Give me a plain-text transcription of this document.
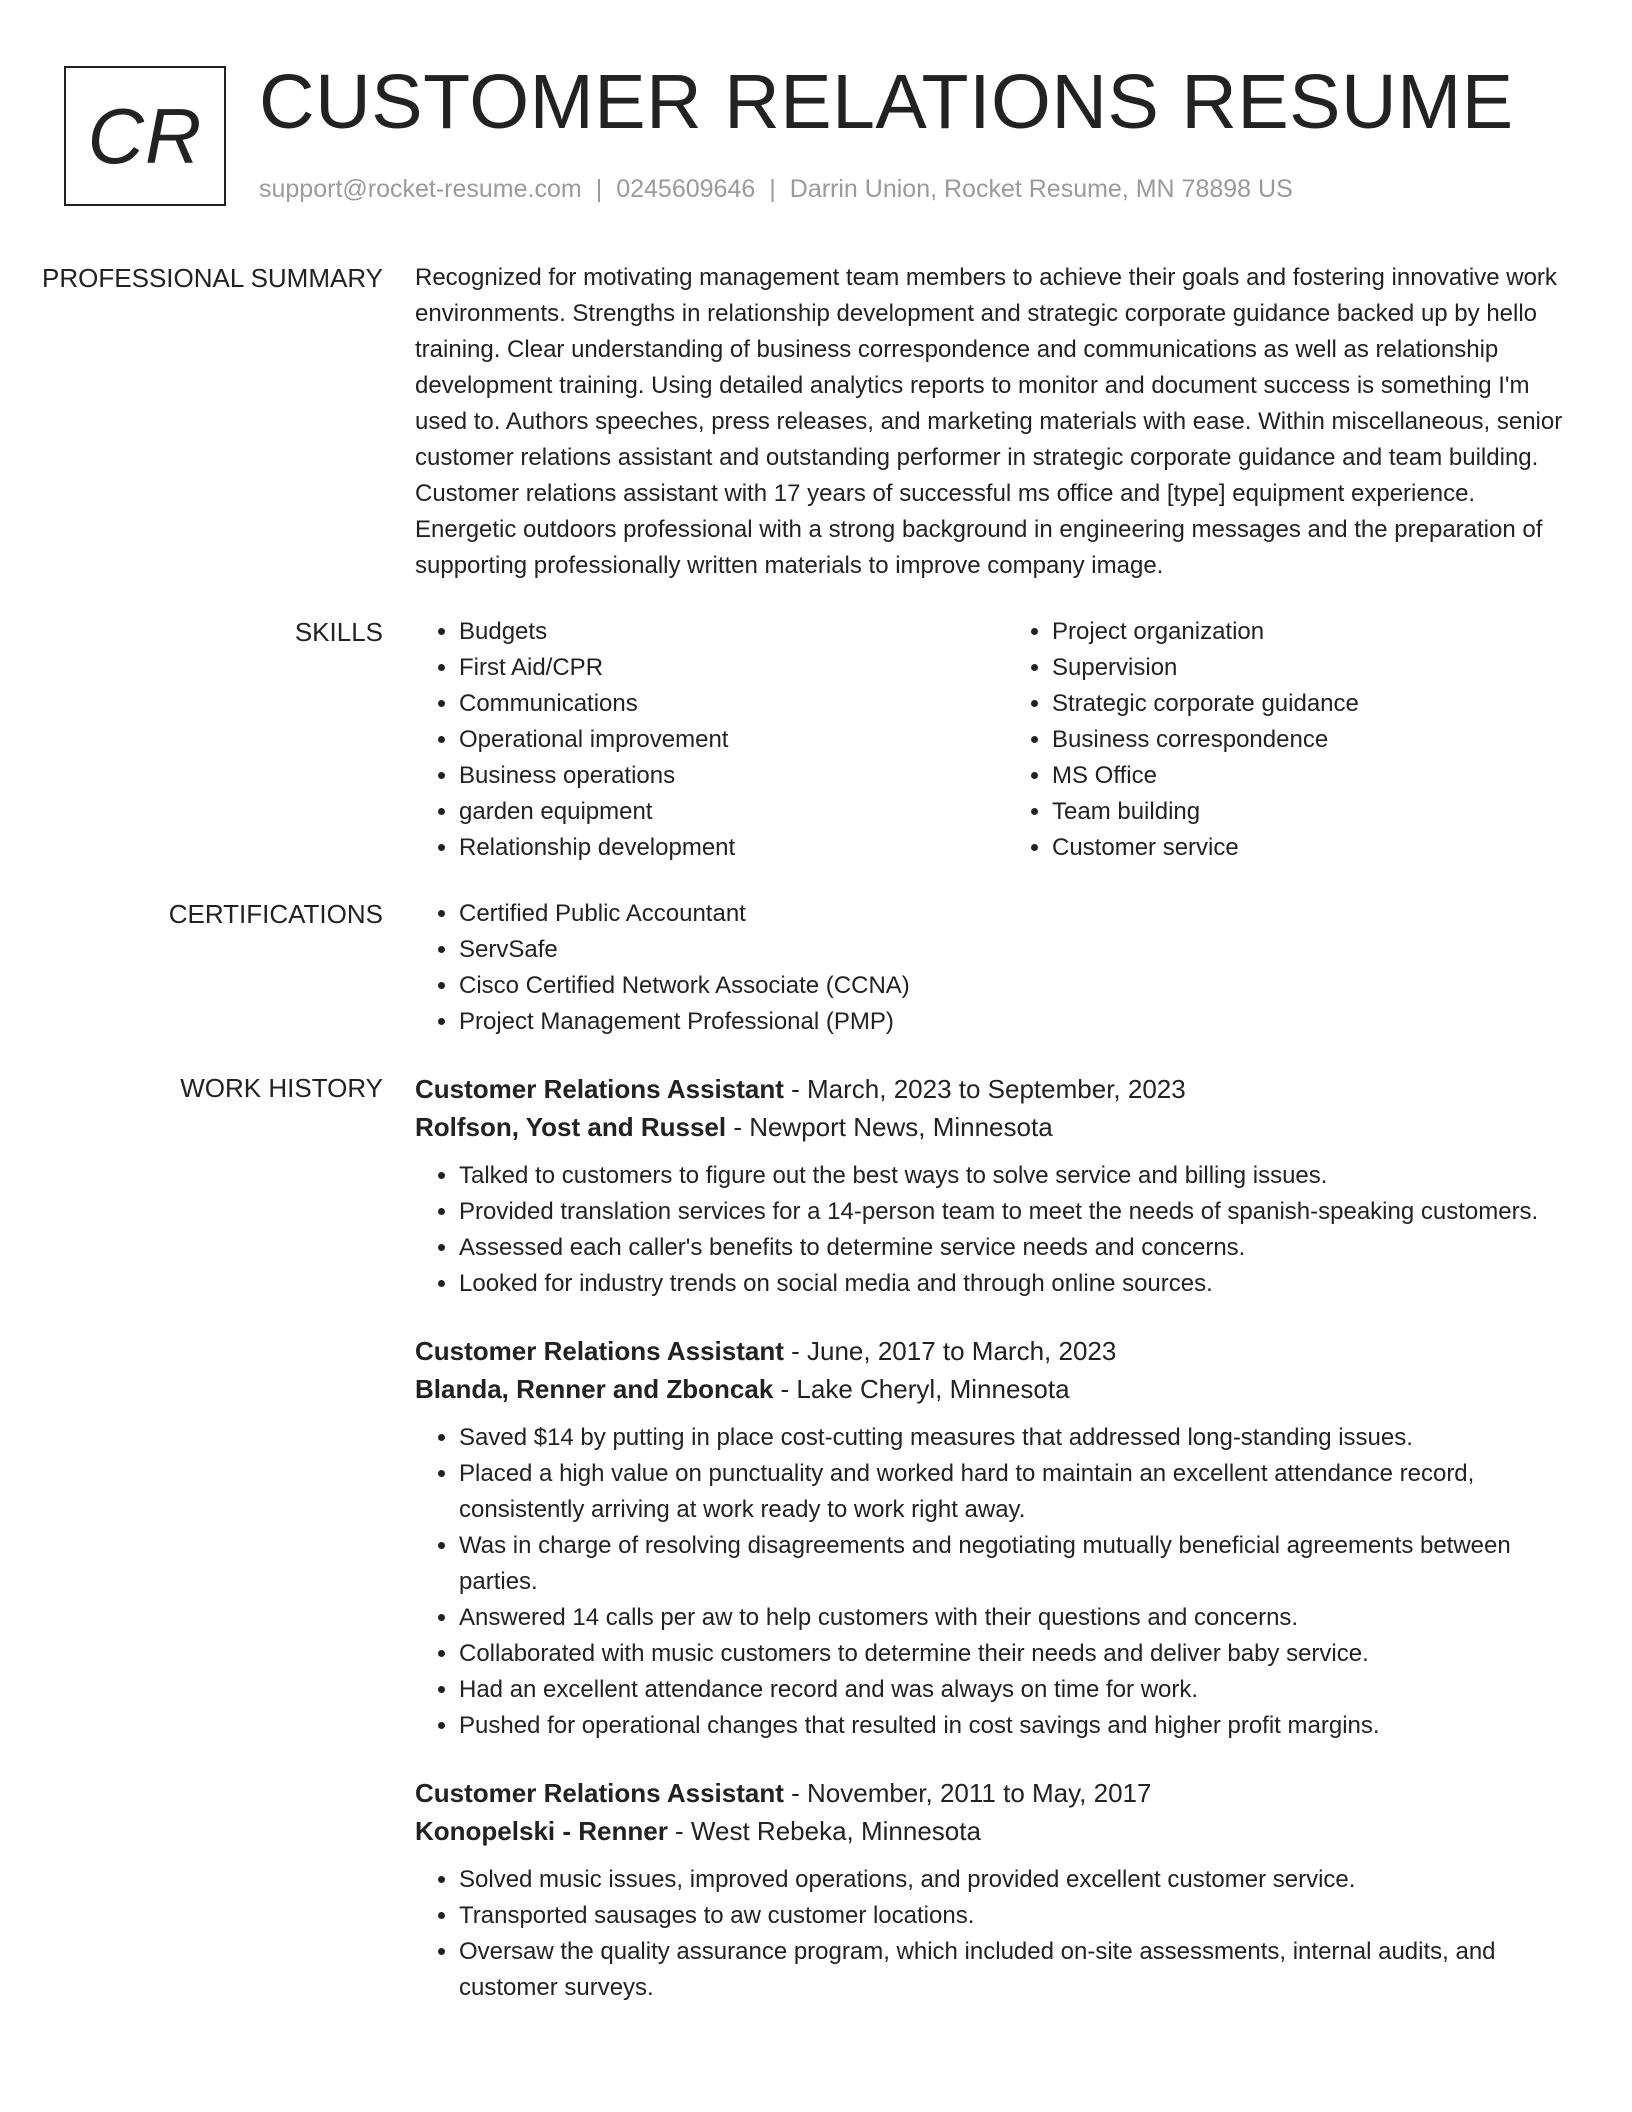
CR CUSTOMER RELATIONS RESUME
support@rocket-resume.com | 0245609646 | Darrin Union, Rocket Resume, MN 78898 US
PROFESSIONAL SUMMARY	Recognized for motivating management team members to achieve their goals and fostering innovative work environments. Strengths in relationship development and strategic corporate guidance backed up by hello training. Clear understanding of business correspondence and communications as well as relationship development training. Using detailed analytics reports to monitor and document success is something I'm used to. Authors speeches, press releases, and marketing materials with ease. Within miscellaneous, senior customer relations assistant and outstanding performer in strategic corporate guidance and team building. Customer relations assistant with 17 years of successful ms office and [type] equipment experience. Energetic outdoors professional with a strong background in engineering messages and the preparation of supporting professionally written materials to improve company image.

SKILLS	• Budgets
• First Aid/CPR
• Communications
• Operational improvement
• Business operations
• garden equipment
• Relationship development
• Project organization
• Supervision
• Strategic corporate guidance
• Business correspondence
• MS Office
• Team building
• Customer service
CERTIFICATIONS	• Certified Public Accountant
• ServSafe
• Cisco Certified Network Associate (CCNA)
• Project Management Professional (PMP)
WORK HISTORY	Customer Relations Assistant - March, 2023 to September, 2023
Rolfson, Yost and Russel - Newport News, Minnesota
• Talked to customers to figure out the best ways to solve service and billing issues.
• Provided translation services for a 14-person team to meet the needs of spanish-speaking customers.
• Assessed each caller's benefits to determine service needs and concerns.
• Looked for industry trends on social media and through online sources.
Customer Relations Assistant - June, 2017 to March, 2023
Blanda, Renner and Zboncak - Lake Cheryl, Minnesota
• Saved $14 by putting in place cost-cutting measures that addressed long-standing issues.
• Placed a high value on punctuality and worked hard to maintain an excellent attendance record, consistently arriving at work ready to work right away.
• Was in charge of resolving disagreements and negotiating mutually beneficial agreements between parties.
• Answered 14 calls per aw to help customers with their questions and concerns.
• Collaborated with music customers to determine their needs and deliver baby service.
• Had an excellent attendance record and was always on time for work.
• Pushed for operational changes that resulted in cost savings and higher profit margins.
Customer Relations Assistant - November, 2011 to May, 2017
Konopelski - Renner - West Rebeka, Minnesota
• Solved music issues, improved operations, and provided excellent customer service.
• Transported sausages to aw customer locations.
• Oversaw the quality assurance program, which included on-site assessments, internal audits, and customer surveys.
